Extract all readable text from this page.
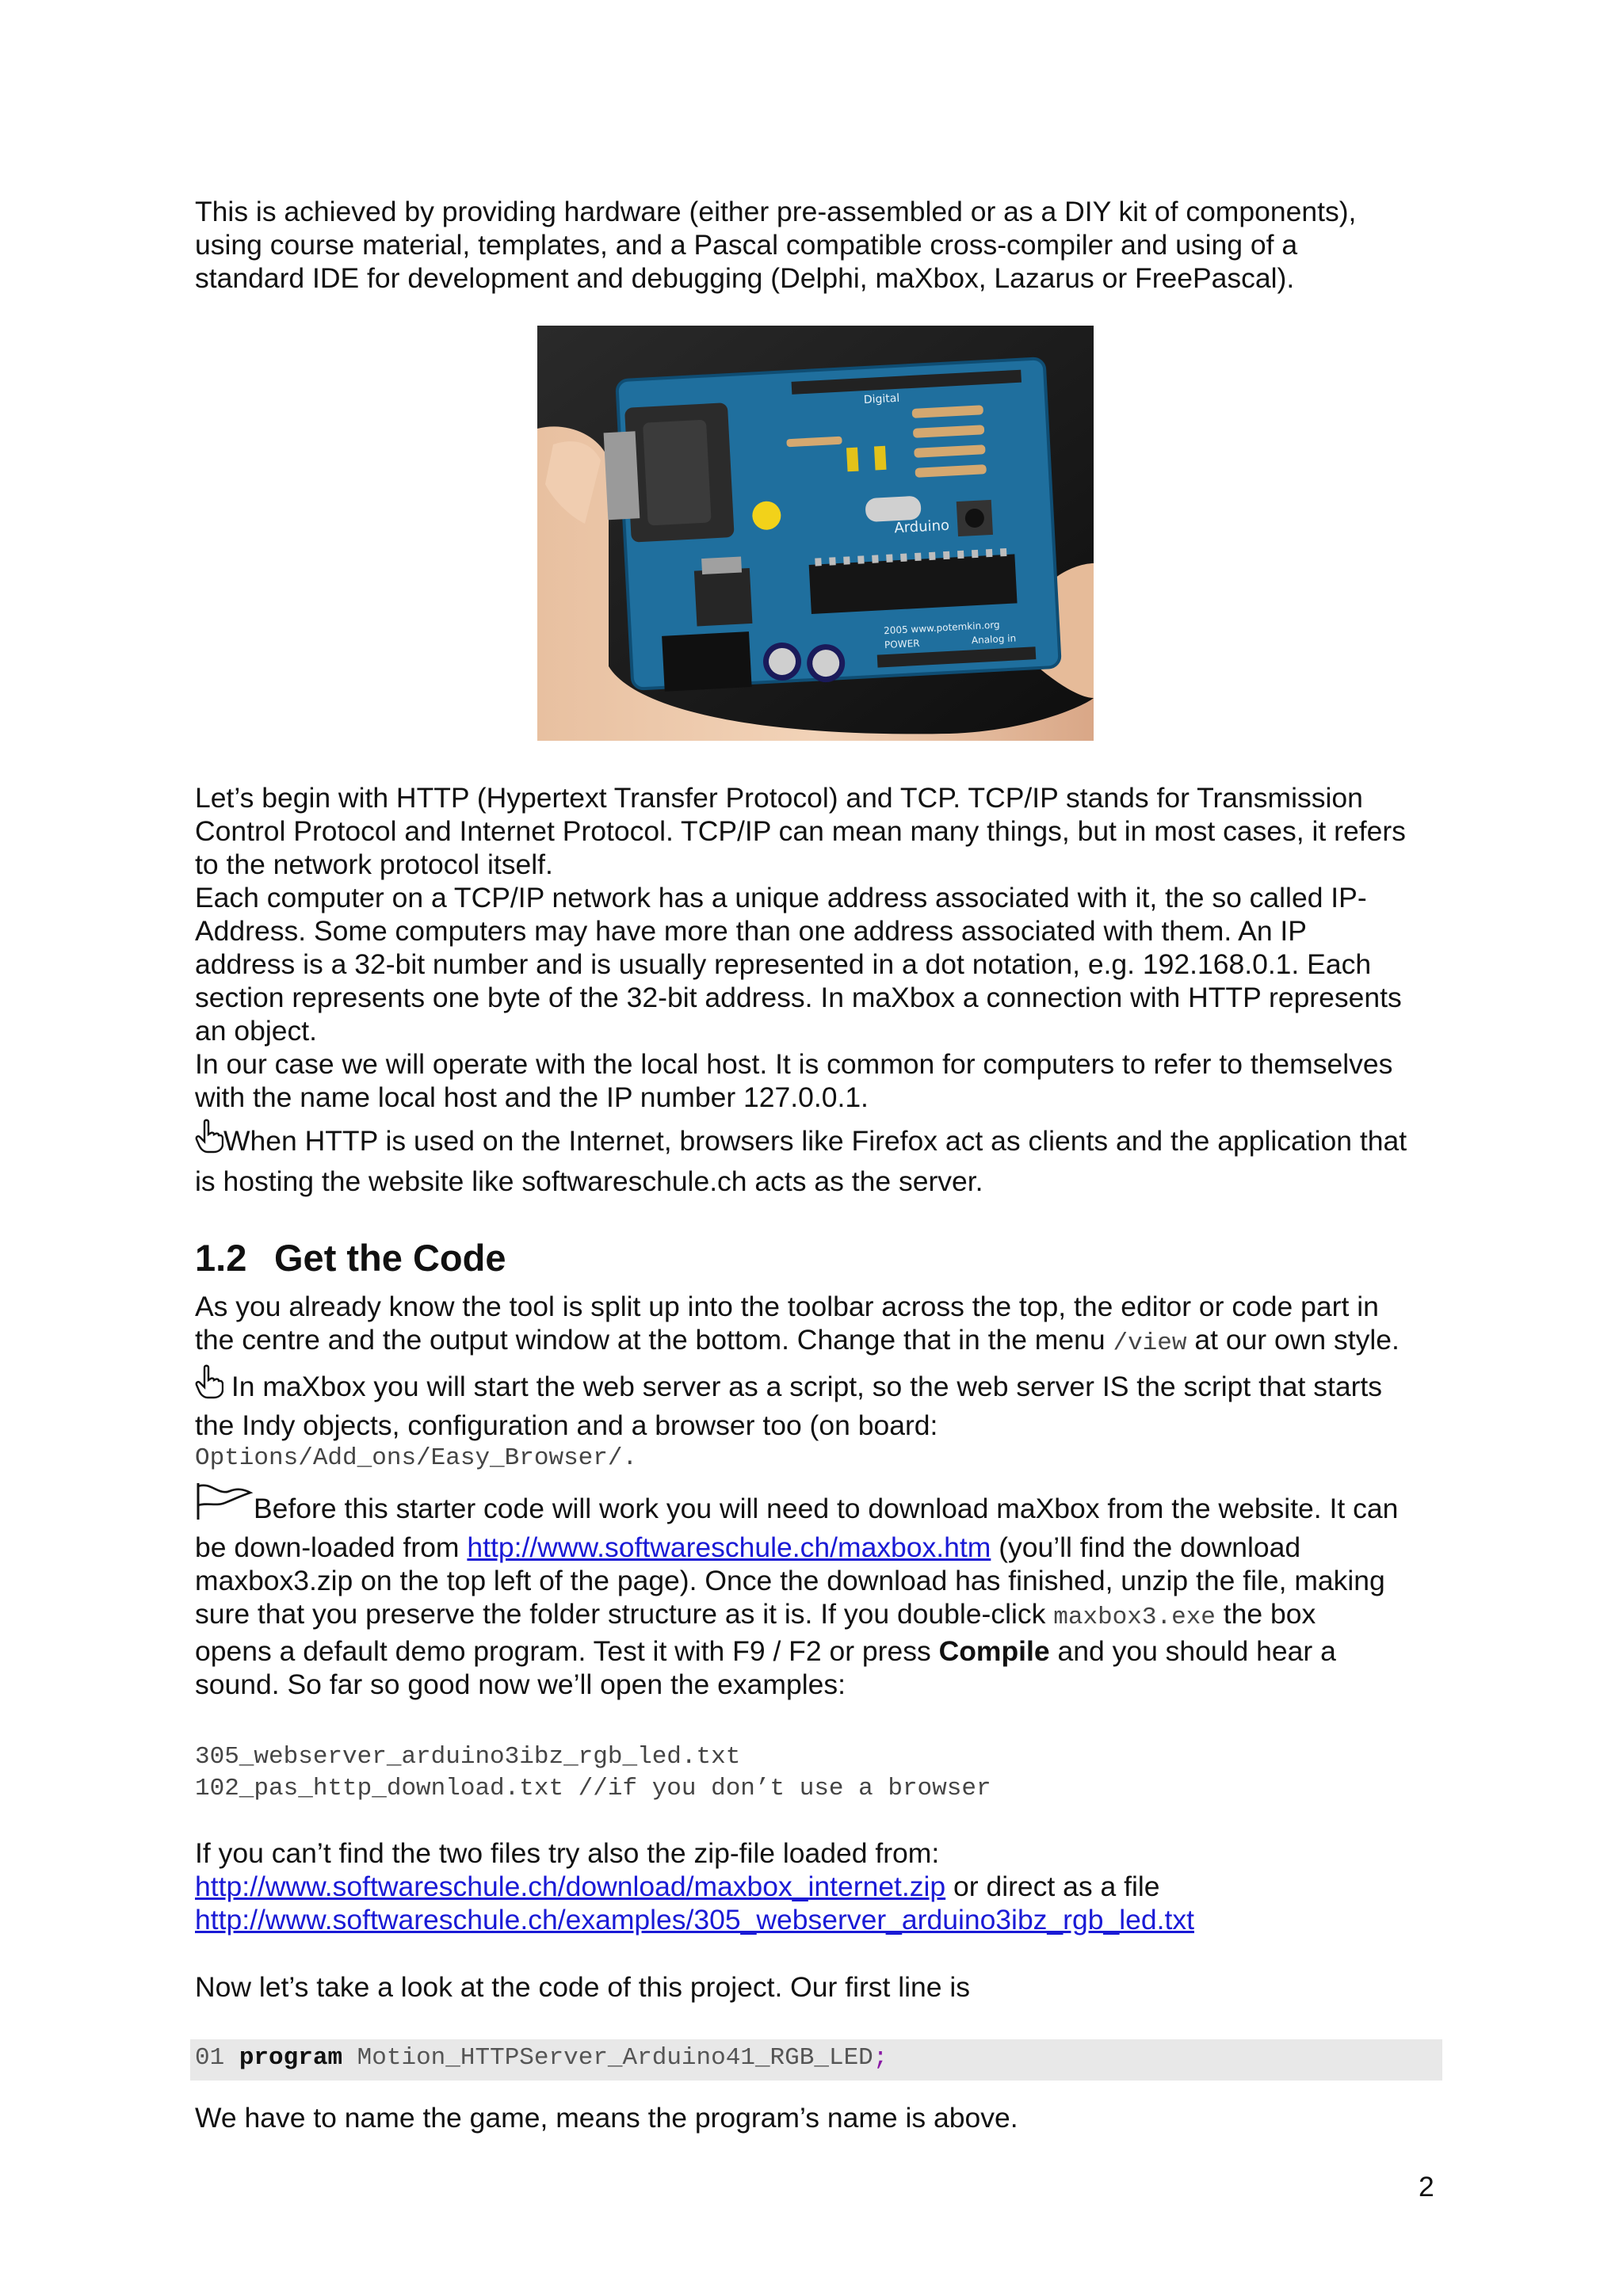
This is achieved by providing hardware (either pre-assembled or as a DIY kit of components),

using course material, templates, and a Pascal compatible cross-compiler and using of a

standard IDE for development and debugging (Delphi, maXbox, Lazarus or FreePascal).

Arduino
Digital
2005 www.potemkin.org
Analog in
POWER

Let’s begin with HTTP (Hypertext Transfer Protocol) and TCP. TCP/IP stands for Transmission

Control Protocol and Internet Protocol. TCP/IP can mean many things, but in most cases, it refers

to the network protocol itself.

Each computer on a TCP/IP network has a unique address associated with it, the so called IP-

Address. Some computers may have more than one address associated with them. An IP

address is a 32-bit number and is usually represented in a dot notation, e.g. 192.168.0.1. Each

section represents one byte of the 32-bit address. In maXbox a connection with HTTP represents

an object.

In our case we will operate with the local host. It is common for computers to refer to themselves

with the name local host and the IP number 127.0.0.1.

When HTTP is used on the Internet, browsers like Firefox act as clients and the application that

is hosting the website like softwareschule.ch acts as the server.

1.2 Get the Code

As you already know the tool is split up into the toolbar across the top, the editor or code part in

the centre and the output window at the bottom. Change that in the menu /view at our own style.

In maXbox you will start the web server as a script, so the web server IS the script that starts

the Indy objects, configuration and a browser too (on board:

Options/Add_ons/Easy_Browser/.

Before this starter code will work you will need to download maXbox from the website. It can

be down-loaded from http://www.softwareschule.ch/maxbox.htm (you’ll find the download

maxbox3.zip on the top left of the page). Once the download has finished, unzip the file, making

sure that you preserve the folder structure as it is. If you double-click maxbox3.exe the box

opens a default demo program. Test it with F9 / F2 or press Compile and you should hear a

sound. So far so good now we’ll open the examples:

305_webserver_arduino3ibz_rgb_led.txt

102_pas_http_download.txt //if you don’t use a browser

If you can’t find the two files try also the zip-file loaded from:

http://www.softwareschule.ch/download/maxbox_internet.zip or direct as a file

http://www.softwareschule.ch/examples/305_webserver_arduino3ibz_rgb_led.txt

Now let’s take a look at the code of this project. Our first line is

01 program Motion_HTTPServer_Arduino41_RGB_LED;

We have to name the game, means the program’s name is above.

2
